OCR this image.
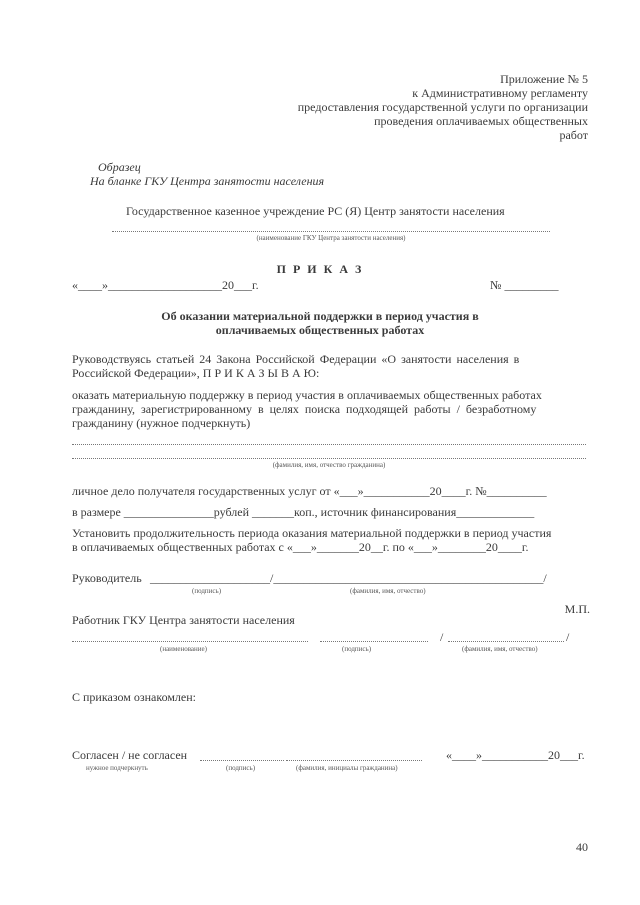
Приложение № 5
к Административному регламенту
предоставления государственной услуги по организации
проведения оплачиваемых общественных
работ
Образец
На бланке ГКУ Центра занятости населения
Государственное казенное учреждение РС (Я) Центр занятости населения
(наименование ГКУ Центра занятости населения)
П Р И К А З
«____»___________________20___г.	№ _________
Об оказании материальной поддержки в период участия в
оплачиваемых общественных работах
Руководствуясь статьей 24 Закона Российской Федерации «О занятости населения в
Российской Федерации», П Р И К А З Ы В А Ю:
оказать материальную поддержку в период участия в оплачиваемых общественных работах
гражданину, зарегистрированному в целях поиска подходящей работы / безработному
гражданину (нужное подчеркнуть)
(фамилия, имя, отчество гражданина)
личное дело получателя государственных услуг от «___»___________20____г. №__________
в размере _______________рублей _______коп., источник финансирования_____________
Установить продолжительность периода оказания материальной поддержки в период участия
в оплачиваемых общественных работах с «___»_______20__г. по «___»________20____г.
Руководитель ____________________/_____________________________________________/
(подпись)	(фамилия, имя, отчество)
М.П.
Работник ГКУ Центра занятости населения
/	/
(наименование)	(подпись)	(фамилия, имя, отчество)
С приказом ознакомлен:
Согласен / не согласен	«____»___________20___г.
нужное подчеркнуть	(подпись)	(фамилия, инициалы гражданина)
40
